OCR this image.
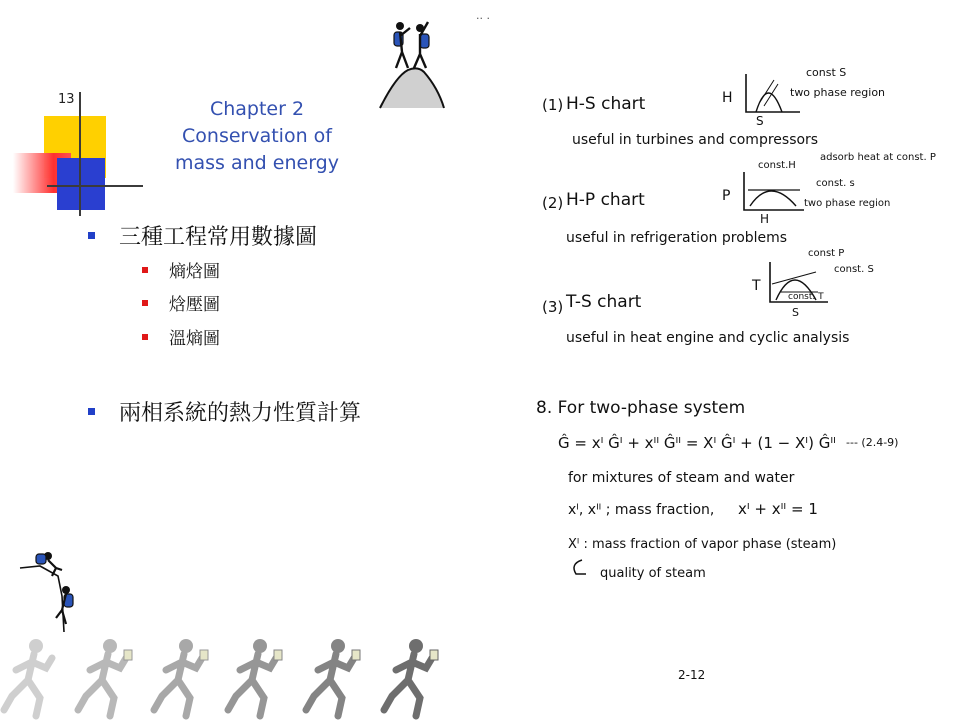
13	Chapter 2
Conservation of
mass and energy
三種工程常用數據圖
熵焓圖
焓壓圖
溫熵圖
兩相系統的熱力性質計算
·· ·
(1) H-S chart
useful in turbines and compressors
H
S
const S
two phase region
(2) H-P chart
useful in refrigeration problems
P
H
const.H
adsorb heat at const. P
const. s
two phase region
(3) T-S chart
useful in heat engine and cyclic analysis
T
S
const P
const. S
const. T
8. For two-phase system
Ĝ = xᴵ Ĝᴵ + xᴵᴵ Ĝᴵᴵ = Xᴵ Ĝᴵ + (1 − Xᴵ) Ĝᴵᴵ --- (2.4-9)
for mixtures of steam and water
xᴵ, xᴵᴵ ; mass fraction, xᴵ + xᴵᴵ = 1
Xᴵ : mass fraction of vapor phase (steam)
quality of steam
2-12
